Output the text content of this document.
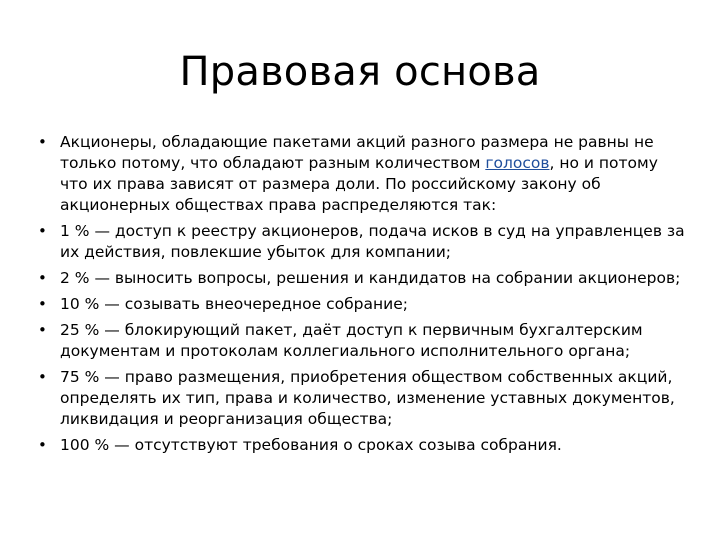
Правовая основа
• Акционеры, обладающие пакетами акций разного размера не равны не только потому, что обладают разным количеством голосов, но и потому что их права зависят от размера доли. По российскому закону об акционерных обществах права распределяются так:
• 1 % — доступ к реестру акционеров, подача исков в суд на управленцев за их действия, повлекшие убыток для компании;
• 2 % — выносить вопросы, решения и кандидатов на собрании акционеров;
• 10 % — созывать внеочередное собрание;
• 25 % — блокирующий пакет, даёт доступ к первичным бухгалтерским документам и протоколам коллегиального исполнительного органа;
• 75 % — право размещения, приобретения обществом собственных акций, определять их тип, права и количество, изменение уставных документов, ликвидация и реорганизация общества;
• 100 % — отсутствуют требования о сроках созыва собрания.
